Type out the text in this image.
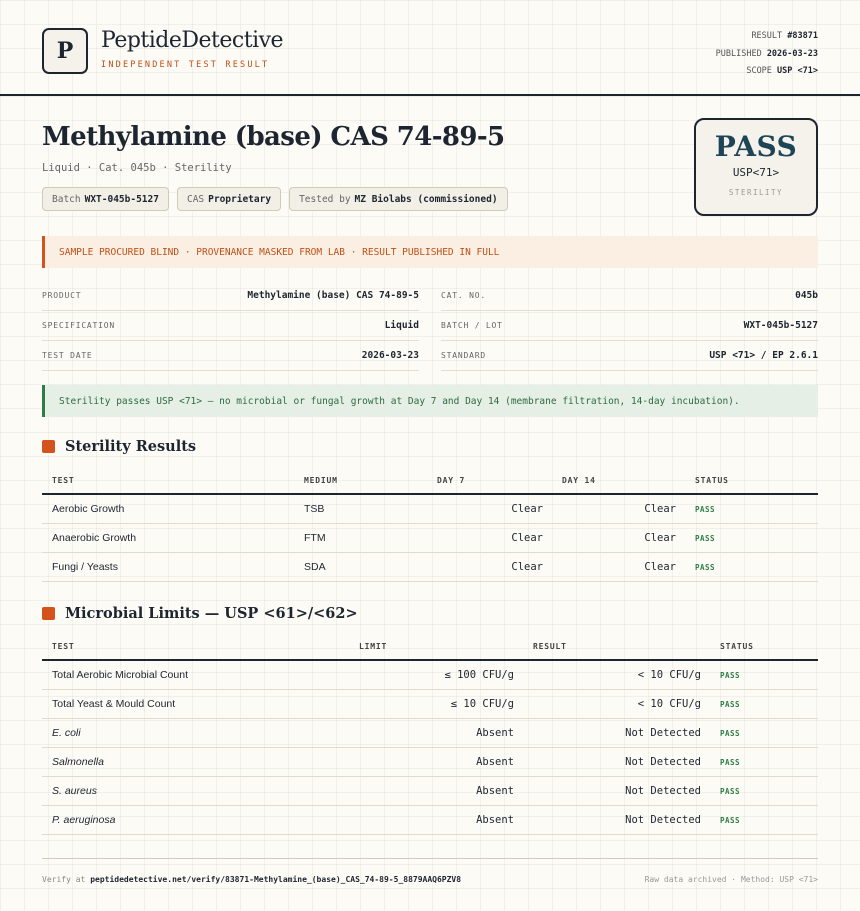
P	PeptideDetective
INDEPENDENT TEST RESULT
RESULT #83871
PUBLISHED 2026-03-23
SCOPE USP <71>
Methylamine (base) CAS 74-89-5
Liquid · Cat. 045b · Sterility
Batch WXT-045b-5127	CAS Proprietary	Tested by MZ Biolabs (commissioned)
PASS
USP<71>
STERILITY
SAMPLE PROCURED BLIND · PROVENANCE MASKED FROM LAB · RESULT PUBLISHED IN FULL
PRODUCT	Methylamine (base) CAS 74-89-5
SPECIFICATION	Liquid
TEST DATE	2026-03-23
CAT. NO.	045b
BATCH / LOT	WXT-045b-5127
STANDARD	USP <71> / EP 2.6.1
Sterility passes USP <71> — no microbial or fungal growth at Day 7 and Day 14 (membrane filtration, 14-day incubation).
Sterility Results
TEST	MEDIUM	DAY 7	DAY 14	STATUS
Aerobic Growth	TSB	Clear	Clear	PASS
Anaerobic Growth	FTM	Clear	Clear	PASS
Fungi / Yeasts	SDA	Clear	Clear	PASS
Microbial Limits — USP <61>/<62>
TEST	LIMIT	RESULT	STATUS
Total Aerobic Microbial Count	≤ 100 CFU/g	< 10 CFU/g	PASS
Total Yeast & Mould Count	≤ 10 CFU/g	< 10 CFU/g	PASS
E. coli	Absent	Not Detected	PASS
Salmonella	Absent	Not Detected	PASS
S. aureus	Absent	Not Detected	PASS
P. aeruginosa	Absent	Not Detected	PASS
Verify at peptidedetective.net/verify/83871-Methylamine_(base)_CAS_74-89-5_8879AAQ6PZV8	Raw data archived · Method: USP <71>
